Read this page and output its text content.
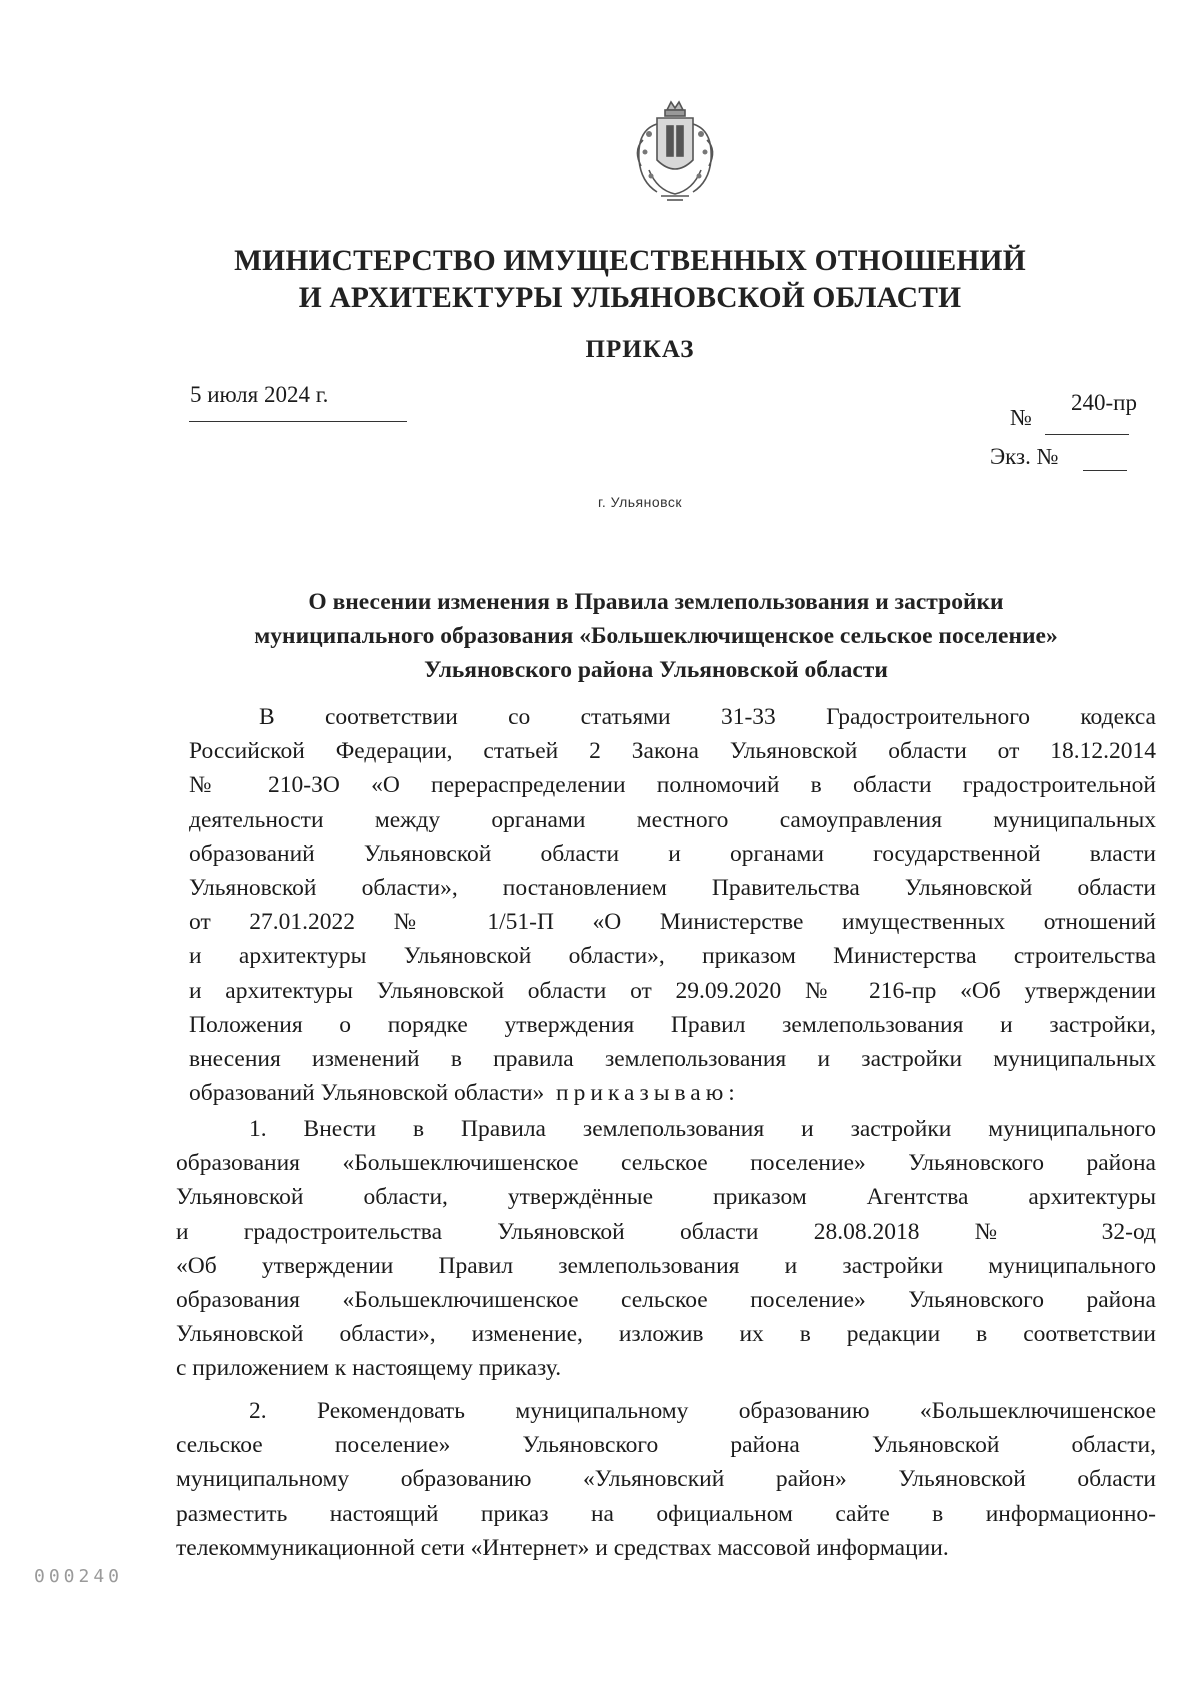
МИНИСТЕРСТВО ИМУЩЕСТВЕННЫХ ОТНОШЕНИЙ
И АРХИТЕКТУРЫ УЛЬЯНОВСКОЙ ОБЛАСТИ
ПРИКАЗ
5 июля 2024 г.	240-пр
№
Экз. №
г. Ульяновск
О внесении изменения в Правила землепользования и застройки
муниципального образования «Большеключищенское сельское поселение»
Ульяновского района Ульяновской области
В соответствии со статьями 31-33 Градостроительного кодекса
Российской Федерации, статьей 2 Закона Ульяновской области от 18.12.2014
№ 210-ЗО «О перераспределении полномочий в области градостроительной
деятельности между органами местного самоуправления муниципальных
образований Ульяновской области и органами государственной власти
Ульяновской области», постановлением Правительства Ульяновской области
от 27.01.2022 № 1/51-П «О Министерстве имущественных отношений
и архитектуры Ульяновской области», приказом Министерства строительства
и архитектуры Ульяновской области от 29.09.2020 № 216-пр «Об утверждении
Положения о порядке утверждения Правил землепользования и застройки,
внесения изменений в правила землепользования и застройки муниципальных
образований Ульяновской области» приказываю:
1. Внести в Правила землепользования и застройки муниципального
образования «Большеключишенское сельское поселение» Ульяновского района
Ульяновской области, утверждённые приказом Агентства архитектуры
и градостроительства Ульяновской области 28.08.2018 № 32-од
«Об утверждении Правил землепользования и застройки муниципального
образования «Большеключишенское сельское поселение» Ульяновского района
Ульяновской области», изменение, изложив их в редакции в соответствии
с приложением к настоящему приказу.
2. Рекомендовать муниципальному образованию «Большеключишенское
сельское поселение» Ульяновского района Ульяновской области,
муниципальному образованию «Ульяновский район» Ульяновской области
разместить настоящий приказ на официальном сайте в информационно-
телекоммуникационной сети «Интернет» и средствах массовой информации.
000240
